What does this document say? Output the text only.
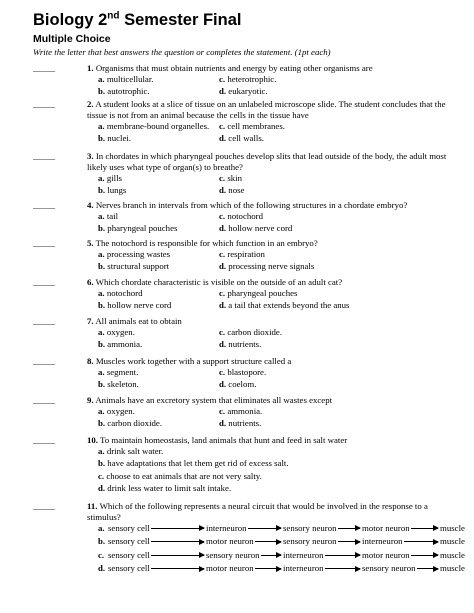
Biology 2nd Semester Final
Multiple Choice
Write the letter that best answers the question or completes the statement. (1pt each)
_____	1. Organisms that must obtain nutrients and energy by eating other organisms are
a. multicellular.	c. heterotrophic.
b. autotrophic.	d. eukaryotic.
_____	2. A student looks at a slice of tissue on an unlabeled microscope slide. The student concludes that the tissue is not from an animal because the cells in the tissue have
a. membrane-bound organelles. c. cell membranes.
b. nuclei.	d. cell walls.
_____	3. In chordates in which pharyngeal pouches develop slits that lead outside of the body, the adult most likely uses what type of organ(s) to breathe?
a. gills	c. skin
b. lungs	d. nose
_____	4. Nerves branch in intervals from which of the following structures in a chordate embryo?
a. tail	c. notochord
b. pharyngeal pouches	d. hollow nerve cord
_____	5. The notochord is responsible for which function in an embryo?
a. processing wastes	c. respiration
b. structural support	d. processing nerve signals
_____	6. Which chordate characteristic is visible on the outside of an adult cat?
a. notochord	c. pharyngeal pouches
b. hollow nerve cord	d. a tail that extends beyond the anus
_____	7. All animals eat to obtain
a. oxygen.	c. carbon dioxide.
b. ammonia.	d. nutrients.
_____	8. Muscles work together with a support structure called a
a. segment.	c. blastopore.
b. skeleton.	d. coelom.
_____	9. Animals have an excretory system that eliminates all wastes except
a. oxygen.	c. ammonia.
b. carbon dioxide.	d. nutrients.
_____	10. To maintain homeostasis, land animals that hunt and feed in salt water
a. drink salt water.
b. have adaptations that let them get rid of excess salt.
c. choose to eat animals that are not very salty.
d. drink less water to limit salt intake.
_____	11. Which of the following represents a neural circuit that would be involved in the response to a stimulus?
a. sensory cell	interneuron	sensory neuron	motor neuron	muscle
b. sensory cell	motor neuron	sensory neuron	interneuron	muscle
c. sensory cell	sensory neuron	interneuron	motor neuron	muscle
d. sensory cell	motor neuron	interneuron	sensory neuron	muscle
